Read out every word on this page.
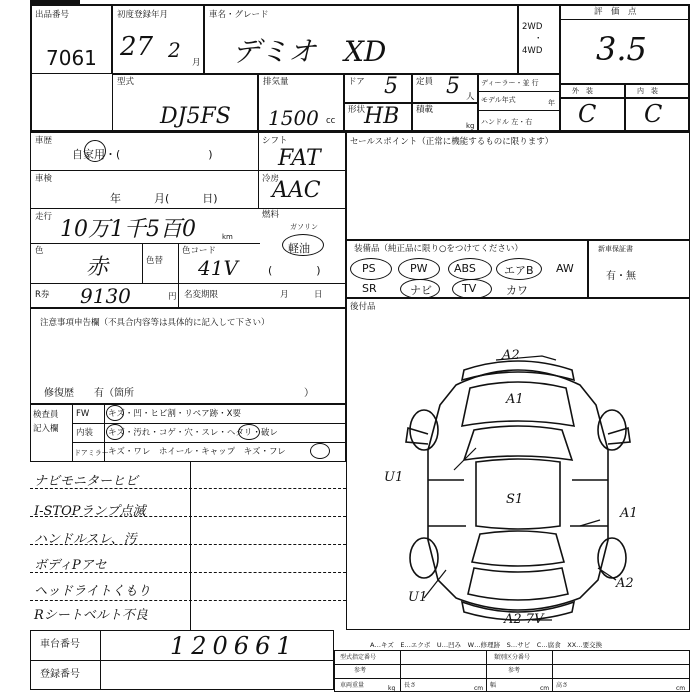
出品番号
7061
初度登録年月
27 2
月
車名・グレード
デミオ　XD
2WD
・
4WD
評　価　点
3.5
型式
DJ5FS
排気量
1500 cc
ドア 5 定員 5 人
形状
HB 積載
kg
ディーラー・並 行
モデル年式	年
ハンドル 左・右
外　装	内　装
C C
車歴
自家用・(　　　　　　　　)
シフト
FAT
車検
年　　　月(　　　日)
冷房
AAC
走行 10万1千5百0	km
燃料
ガソリン
軽油
(　　　　)
色
赤	色替
色コード
41V
R券 9130	円 名変期限	月　　　日
注意事項申告欄（不具合内容等は具体的に記入して下さい）
修復歴　　有（箇所　　　　　　　　　　　　　　　　　）
検査員
記入欄
FW キズ・凹・ヒビ割・リペア跡・X要
内装 キズ・汚れ・コゲ・穴・スレ・ヘタリ・破レ
ドアミラー キズ・ワレ　ホイール・キャップ　キズ・フレ
ナビモニターヒビ
I-STOPランプ点滅
ハンドルスレ、汚
ボディPアセ
ヘッドライトくもり
Rシートベルト不良
車台番号	120661
登録番号
セールスポイント（正常に機能するものに限ります）
装備品（純正品に限り○をつけてください）	新車保証書
有・無
PS	PW ABS	エアB AW
SR	ナビ	TV	カワ
後付品
A2
A1
S1
U1
A1
U1
A2
A2 7V
A…キズ　E…エクボ　U…凹み　W…修理跡　S…サビ　C…腐食　XX…要交換
型式指定番号
参考
類別区分番号
参考
車両重量	kg 長さ	cm 幅	cm 高さ	cm
